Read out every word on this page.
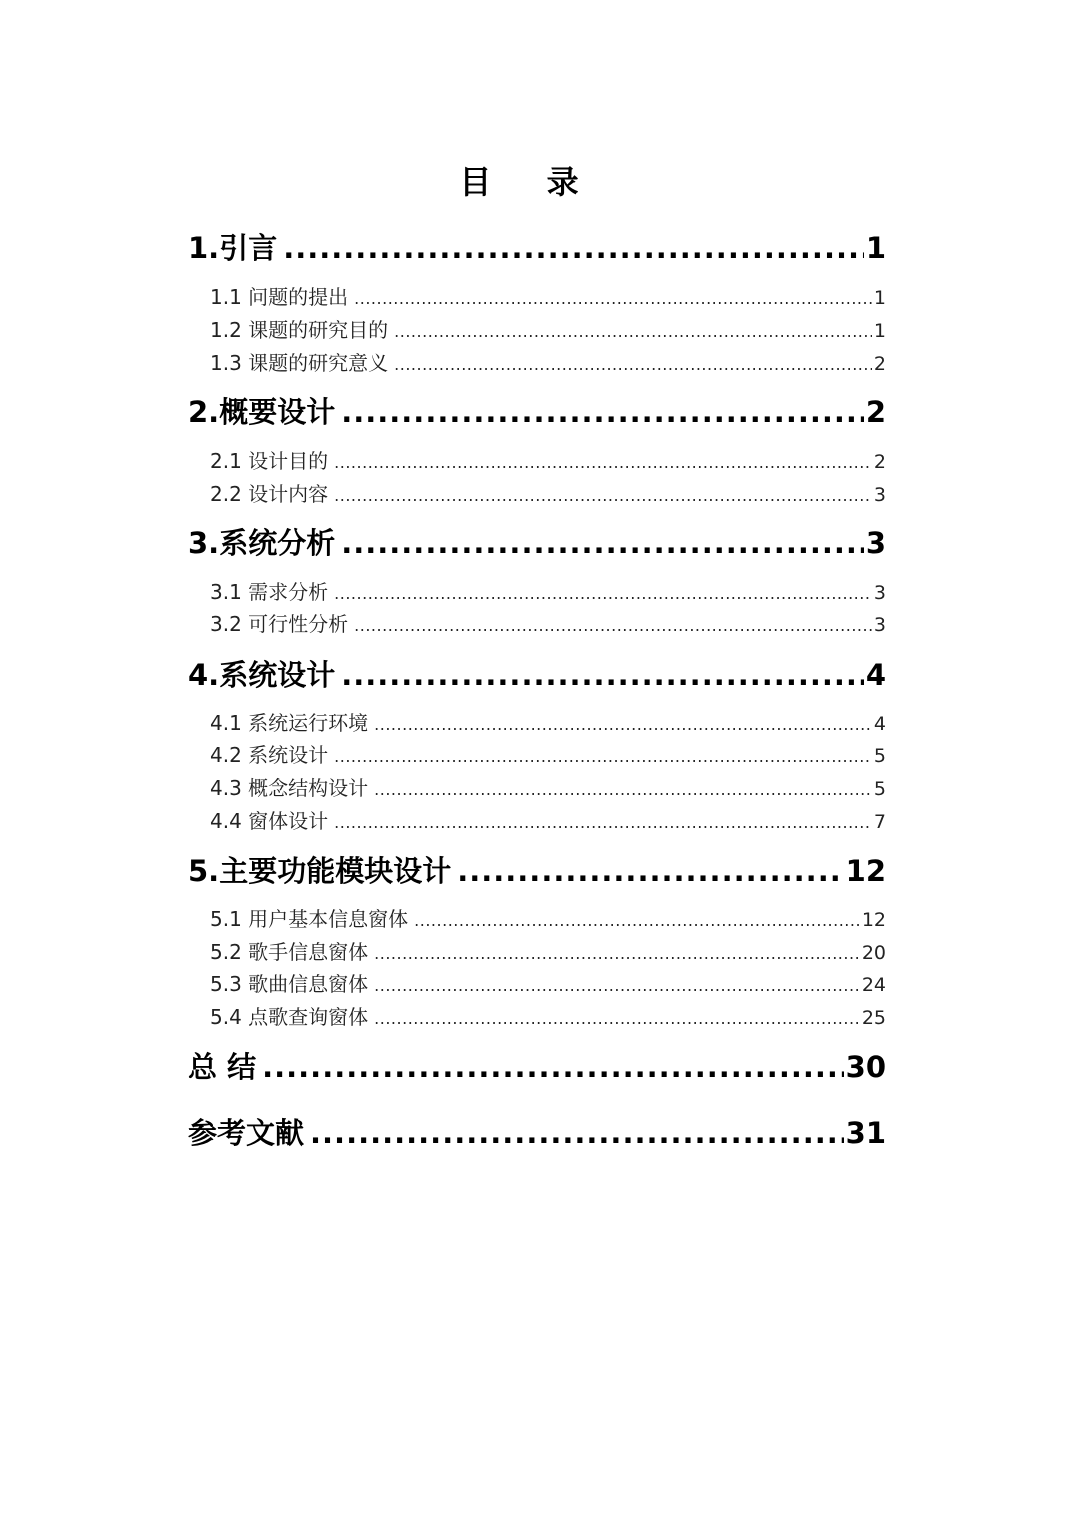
目 录
1.引言 .....	1
1.1 问题的提出 .....	1
1.2 课题的研究目的 .....	1
1.3 课题的研究意义 .....	2
2.概要设计 .....	2
2.1 设计目的 .....	2
2.2 设计内容 .....	3
3.系统分析 .....	3
3.1 需求分析 .....	3
3.2 可行性分析 .....	3
4.系统设计 .....	4
4.1 系统运行环境 .....	4
4.2 系统设计 .....	5
4.3 概念结构设计 .....	5
4.4 窗体设计 .....	7
5.主要功能模块设计 .....	12
5.1 用户基本信息窗体 .....	12
5.2 歌手信息窗体 .....	20
5.3 歌曲信息窗体 .....	24
5.4 点歌查询窗体 .....	25
总 结 .....	30
参考文献 .....	31
